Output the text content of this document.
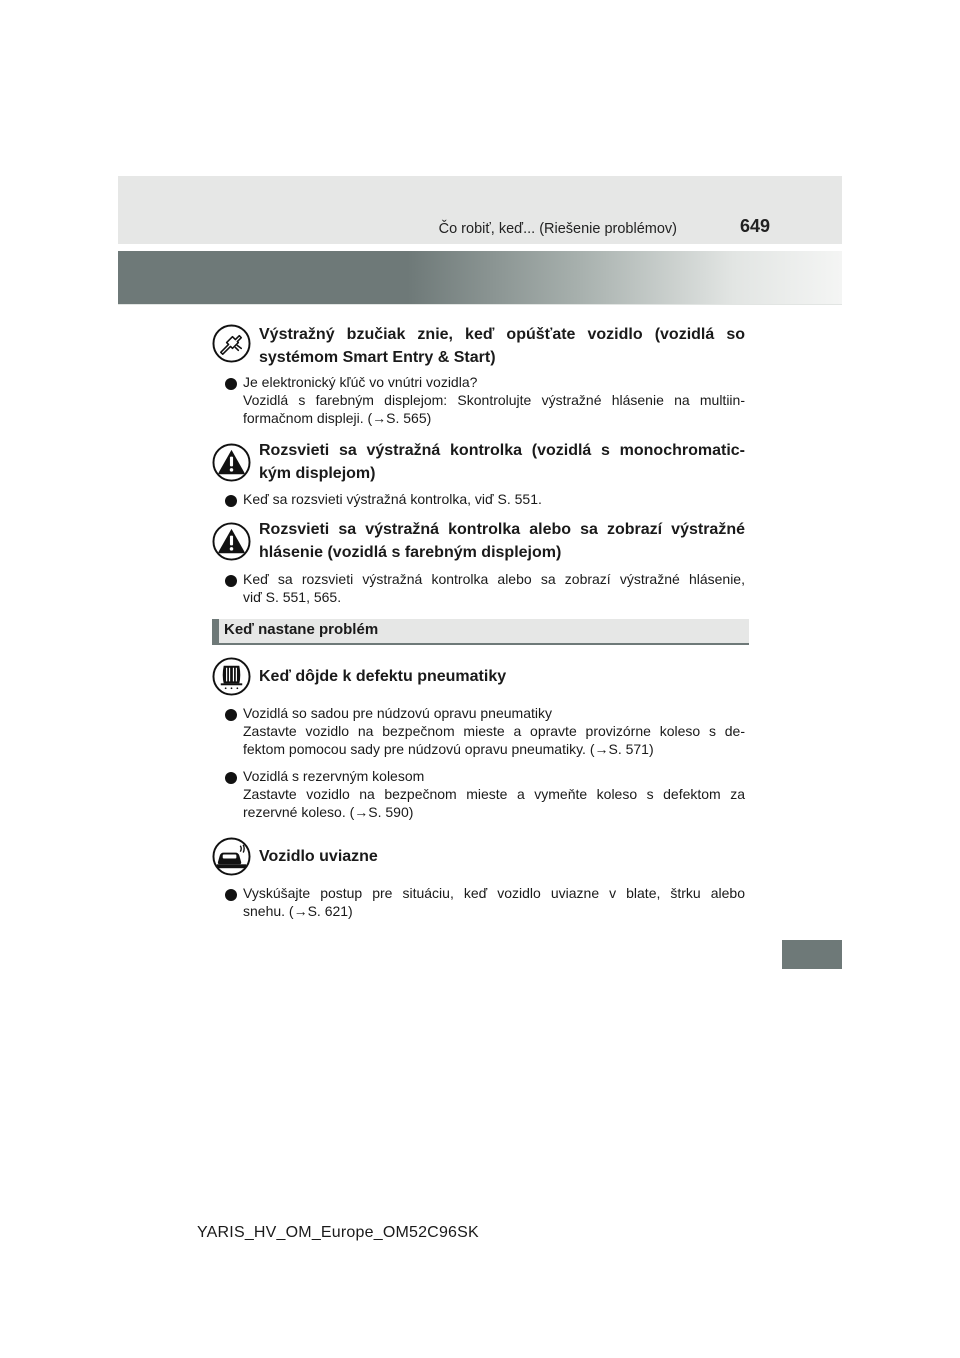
Čo robiť, keď... (Riešenie problémov)	649
Výstražný bzučiak znie, keď opúšťate vozidlo (vozidlá so
systémom Smart Entry & Start)
Je elektronický kľúč vo vnútri vozidla?
Vozidlá s farebným displejom: Skontrolujte výstražné hlásenie na multiin-
formačnom displeji. (→S. 565)
Rozsvieti sa výstražná kontrolka (vozidlá s monochromatic-
kým displejom)
Keď sa rozsvieti výstražná kontrolka, viď S. 551.
Rozsvieti sa výstražná kontrolka alebo sa zobrazí výstražné
hlásenie (vozidlá s farebným displejom)
Keď sa rozsvieti výstražná kontrolka alebo sa zobrazí výstražné hlásenie,
viď S. 551, 565.
Keď nastane problém
Keď dôjde k defektu pneumatiky
Vozidlá so sadou pre núdzovú opravu pneumatiky
Zastavte vozidlo na bezpečnom mieste a opravte provizórne koleso s de-
fektom pomocou sady pre núdzovú opravu pneumatiky. (→S. 571)
Vozidlá s rezervným kolesom
Zastavte vozidlo na bezpečnom mieste a vymeňte koleso s defektom za
rezervné koleso. (→S. 590)
Vozidlo uviazne
Vyskúšajte postup pre situáciu, keď vozidlo uviazne v blate, štrku alebo
snehu. (→S. 621)
YARIS_HV_OM_Europe_OM52C96SK
